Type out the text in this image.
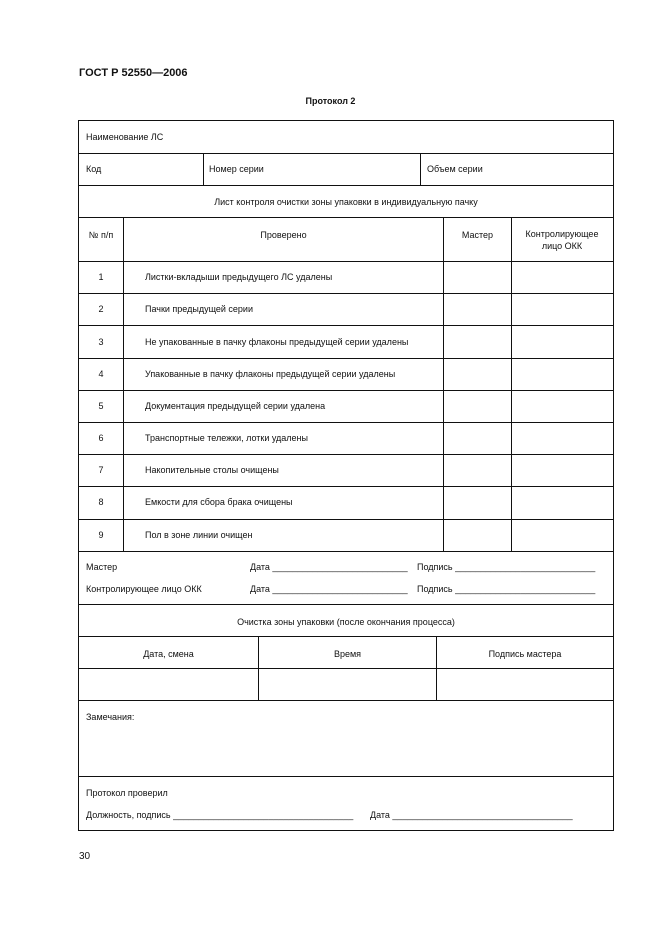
ГОСТ Р 52550—2006
Протокол 2
Наименование ЛС
Код	Номер серии	Объем серии
Лист контроля очистки зоны упаковки в индивидуальную пачку
№ п/п	Проверено	Мастер	Контролирующее лицо ОКК
1	Листки-вкладыши предыдущего ЛС удалены
2	Пачки предыдущей серии
3	Не упакованные в пачку флаконы предыдущей серии удалены
4	Упакованные в пачку флаконы предыдущей серии удалены
5	Документация предыдущей серии удалена
6	Транспортные тележки, лотки удалены
7	Накопительные столы очищены
8	Емкости для сбора брака очищены
9	Пол в зоне линии очищен
Мастер	Дата ___________________________ Подпись ____________________________
Контролирующее лицо ОКК	Дата ___________________________ Подпись ____________________________
Очистка зоны упаковки (после окончания процесса)
Дата, смена	Время	Подпись мастера
Замечания:
Протокол проверил
Должность, подпись ____________________________________ Дата ____________________________________
30
